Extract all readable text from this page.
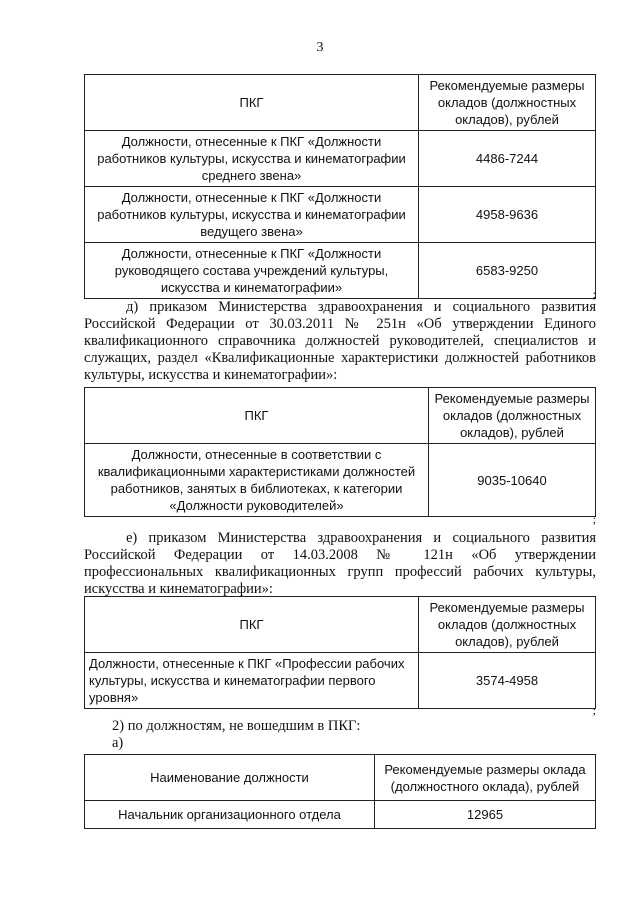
3
ПКГ	Рекомендуемые размеры окладов (должностных окладов), рублей
Должности, отнесенные к ПКГ «Должности работников культуры, искусства и кинематографии среднего звена»	4486-7244
Должности, отнесенные к ПКГ «Должности работников культуры, искусства и кинематографии ведущего звена»	4958-9636
Должности, отнесенные к ПКГ «Должности руководящего состава учреждений культуры, искусства и кинематографии»	6583-9250
;
д) приказом Министерства здравоохранения и социального развития Российской Федерации от 30.03.2011 № 251н «Об утверждении Единого квалификационного справочника должностей руководителей, специалистов и служащих, раздел «Квалификационные характеристики должностей работников культуры, искусства и кинематографии»:
ПКГ	Рекомендуемые размеры окладов (должностных окладов), рублей
Должности, отнесенные в соответствии с квалификационными характеристиками должностей работников, занятых в библиотеках, к категории «Должности руководителей»	9035-10640
;
е) приказом Министерства здравоохранения и социального развития Российской Федерации от 14.03.2008 № 121н «Об утверждении профессиональных квалификационных групп профессий рабочих культуры, искусства и кинематографии»:
ПКГ	Рекомендуемые размеры окладов (должностных окладов), рублей
Должности, отнесенные к ПКГ «Профессии рабочих культуры, искусства и кинематографии первого уровня»	3574-4958
;
2) по должностям, не вошедшим в ПКГ:
а)
Наименование должности	Рекомендуемые размеры оклада (должностного оклада), рублей
Начальник организационного отдела	12965
